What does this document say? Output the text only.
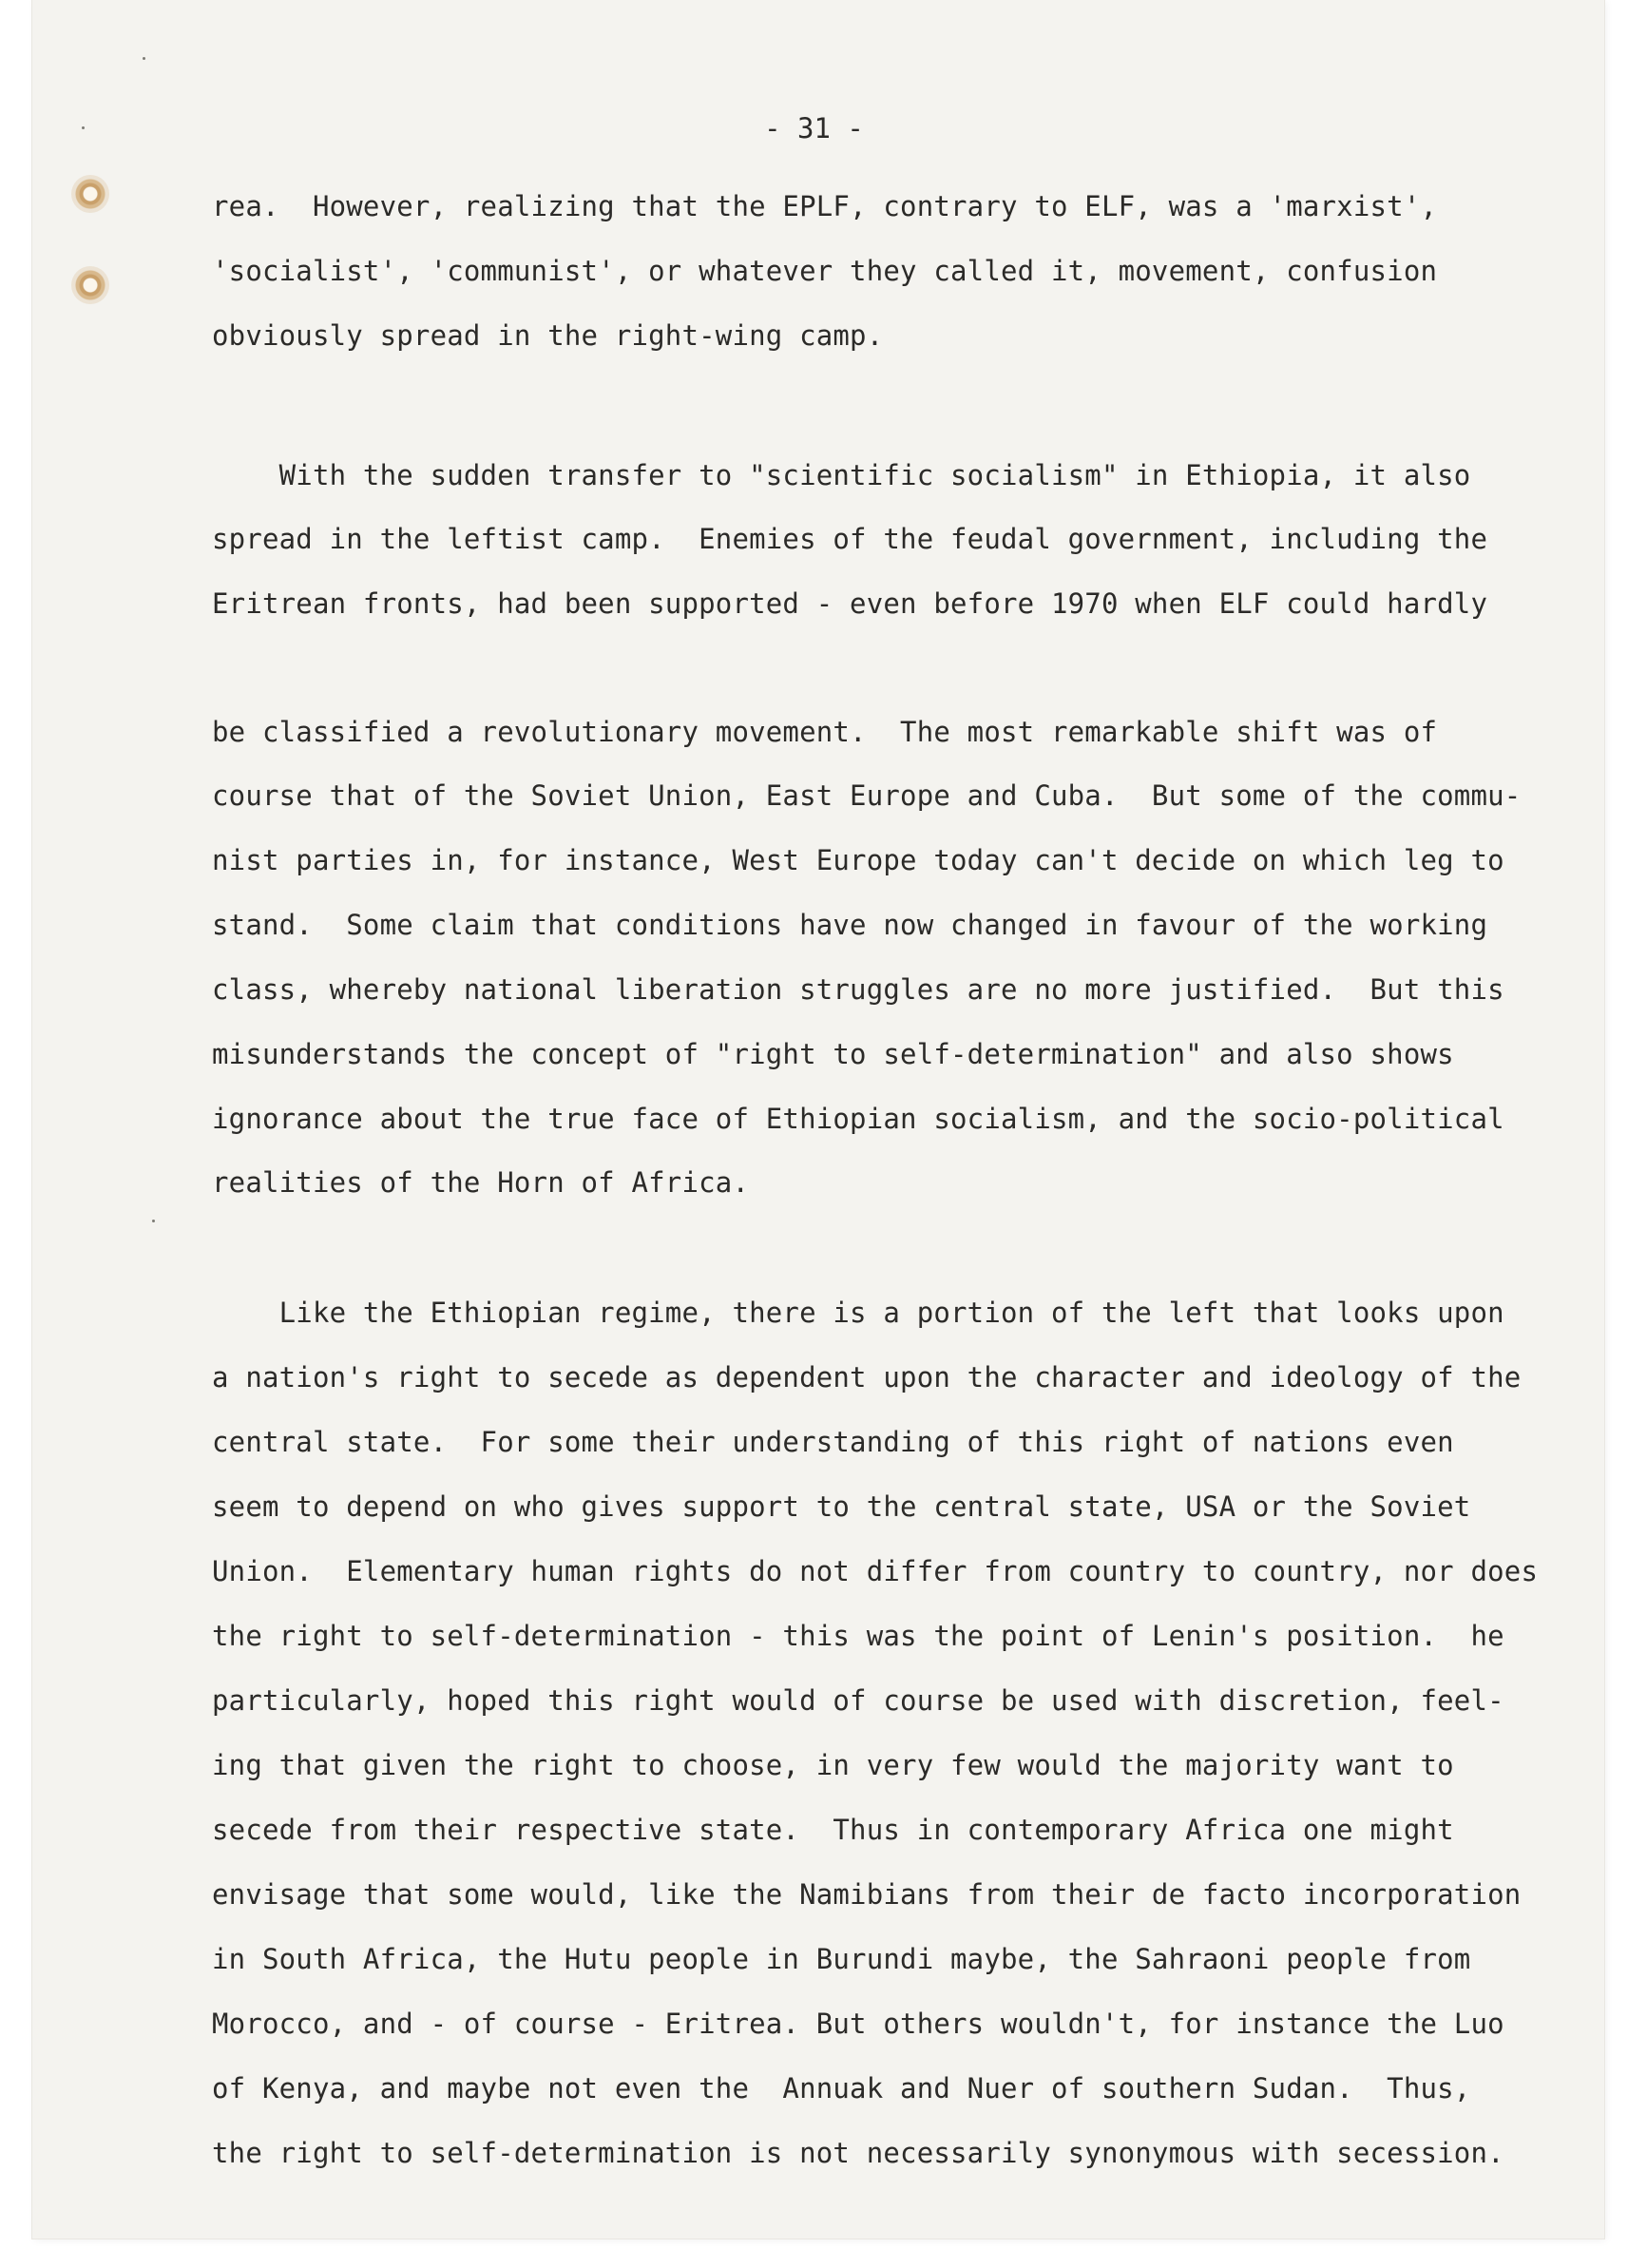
- 31 -
rea.  However, realizing that the EPLF, contrary to ELF, was a 'marxist',
'socialist', 'communist', or whatever they called it, movement, confusion
obviously spread in the right-wing camp.
With the sudden transfer to "scientific socialism" in Ethiopia, it also
spread in the leftist camp.  Enemies of the feudal government, including the
Eritrean fronts, had been supported - even before 1970 when ELF could hardly
be classified a revolutionary movement.  The most remarkable shift was of
course that of the Soviet Union, East Europe and Cuba.  But some of the commu-
nist parties in, for instance, West Europe today can't decide on which leg to
stand.  Some claim that conditions have now changed in favour of the working
class, whereby national liberation struggles are no more justified.  But this
misunderstands the concept of "right to self-determination" and also shows
ignorance about the true face of Ethiopian socialism, and the socio-political
realities of the Horn of Africa.
Like the Ethiopian regime, there is a portion of the left that looks upon
a nation's right to secede as dependent upon the character and ideology of the
central state.  For some their understanding of this right of nations even
seem to depend on who gives support to the central state, USA or the Soviet
Union.  Elementary human rights do not differ from country to country, nor does
the right to self-determination - this was the point of Lenin's position.  he
particularly, hoped this right would of course be used with discretion, feel-
ing that given the right to choose, in very few would the majority want to
secede from their respective state.  Thus in contemporary Africa one might
envisage that some would, like the Namibians from their de facto incorporation
in South Africa, the Hutu people in Burundi maybe, the Sahraoni people from
Morocco, and - of course - Eritrea. But others wouldn't, for instance the Luo
of Kenya, and maybe not even the  Annuak and Nuer of southern Sudan.  Thus,
the right to self-determination is not necessarily synonymous with secession.
